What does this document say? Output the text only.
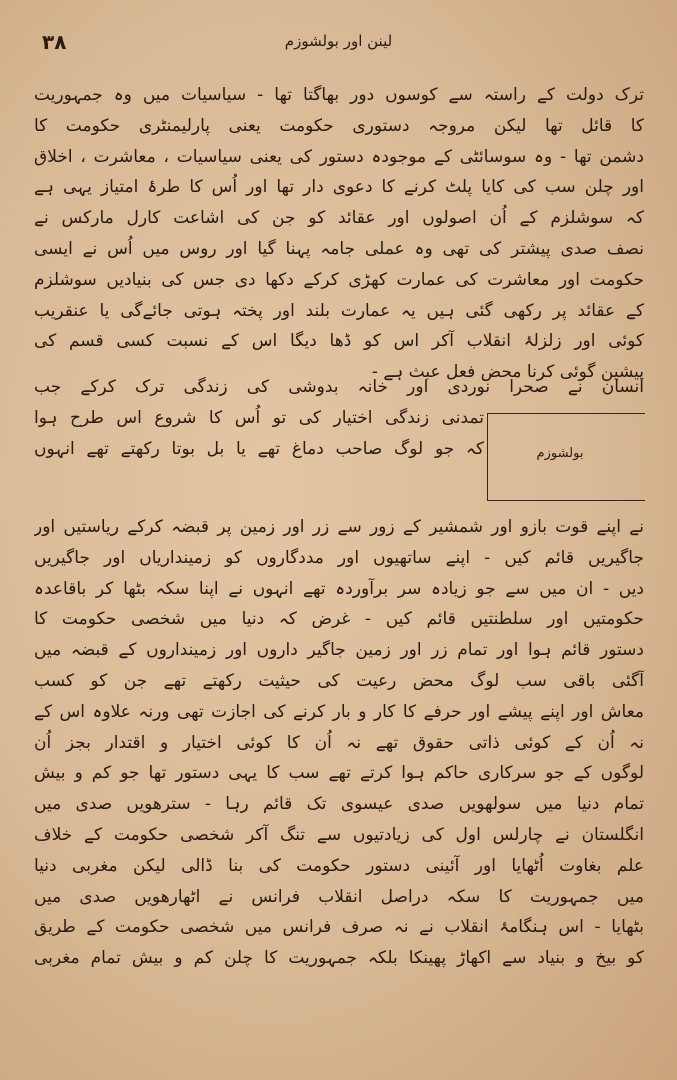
۸۳	لینن اور بولشوزم
ترک دولت کے راستہ سے کوسوں دور بھاگتا تھا - سیاسیات میں وہ جمہوریت
کا قائل تھا لیکن مروجہ دستوری حکومت یعنی پارلیمنٹری حکومت کا
دشمن تھا - وہ سوسائٹی کے موجودہ دستور کی یعنی سیاسیات ، معاشرت ، اخلاق
اور چلن سب کی کایا پلٹ کرنے کا دعوی دار تھا اور اُس کا طرۂ امتیاز یہی ہے
کہ سوشلزم کے اُن اصولوں اور عقائد کو جن کی اشاعت کارل مارکس نے
نصف صدی پیشتر کی تھی وہ عملی جامہ پہنا گیا اور روس میں اُس نے ایسی
حکومت اور معاشرت کی عمارت کھڑی کرکے دکھا دی جس کی بنیادیں سوشلزم
کے عقائد پر رکھی گئی ہیں یہ عمارت بلند اور پختہ ہوتی جائےگی یا عنقریب
کوئی اور زلزلۂ انقلاب آکر اس کو ڈھا دیگا اس کے نسبت کسی قسم کی
پیشین گوئی کرنا محض فعل عبث ہے -
انسان نے صحرا نوردی اور خانہ بدوشی کی زندگی ترک کرکے جب
تمدنی زندگی اختیار کی تو اُس کا شروع اس طرح ہوا
کہ جو لوگ صاحب دماغ تھے یا بل بوتا رکھتے تھے انہوں	بولشوزم
نے اپنے قوت بازو اور شمشیر کے زور سے زر اور زمین پر قبضہ کرکے ریاستیں اور
جاگیریں قائم کیں - اپنے ساتھیوں اور مددگاروں کو زمینداریاں اور جاگیریں
دیں - ان میں سے جو زیادہ سر برآوردہ تھے انہوں نے اپنا سکہ بٹھا کر باقاعدہ
حکومتیں اور سلطنتیں قائم کیں - غرض کہ دنیا میں شخصی حکومت کا
دستور قائم ہوا اور تمام زر اور زمین جاگیر داروں اور زمینداروں کے قبضہ میں
آگئی باقی سب لوگ محض رعیت کی حیثیت رکھتے تھے جن کو کسب
معاش اور اپنے پیشے اور حرفے کا کار و بار کرنے کی اجازت تھی ورنہ علاوہ اس کے
نہ اُن کے کوئی ذاتی حقوق تھے نہ اُن کا کوئی اختیار و اقتدار بجز اُن
لوگوں کے جو سرکاری حاکم ہوا کرتے تھے سب کا یہی دستور تھا جو کم و بیش
تمام دنیا میں سولھویں صدی عیسوی تک قائم رہا - سترھویں صدی میں
انگلستان نے چارلس اول کی زیادتیوں سے تنگ آکر شخصی حکومت کے خلاف
علم بغاوت اُٹھایا اور آئینی دستور حکومت کی بنا ڈالی لیکن مغربی دنیا
میں جمہوریت کا سکہ دراصل انقلاب فرانس نے اٹھارھویں صدی میں
بٹھایا - اس ہنگامۂ انقلاب نے نہ صرف فرانس میں شخصی حکومت کے طریق
کو بیخ و بنیاد سے اکھاڑ پھینکا بلکہ جمہوریت کا چلن کم و بیش تمام مغربی
